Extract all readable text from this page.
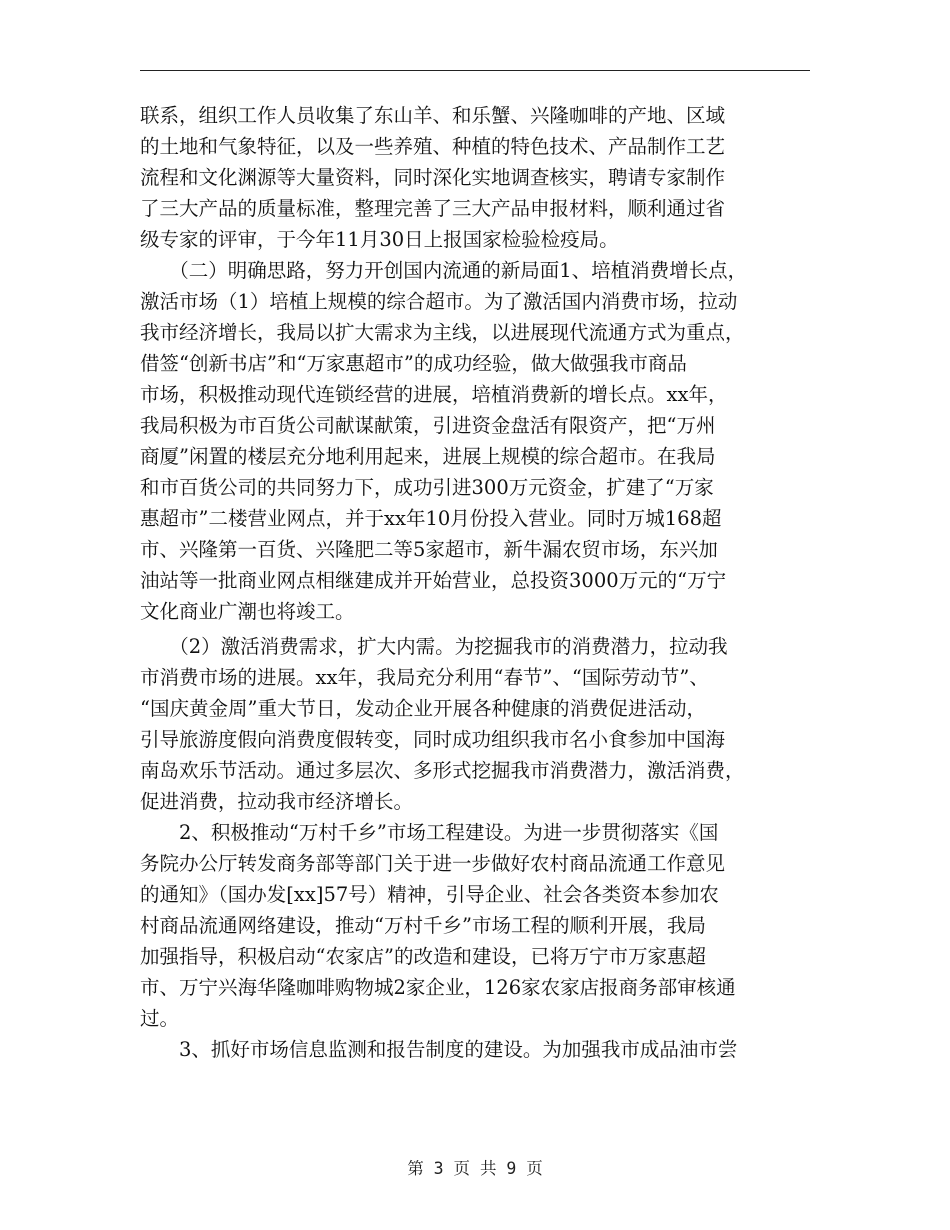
联系，组织工作人员收集了东山羊、和乐蟹、兴隆咖啡的产地、区域
的土地和气象特征，以及一些养殖、种植的特色技术、产品制作工艺
流程和文化渊源等大量资料，同时深化实地调查核实，聘请专家制作
了三大产品的质量标准，整理完善了三大产品申报材料，顺利通过省
级专家的评审，于今年11月30日上报国家检验检疫局。
　　（二）明确思路，努力开创国内流通的新局面1、培植消费增长点，
激活市场（1）培植上规模的综合超市。为了激活国内消费市场，拉动
我市经济增长，我局以扩大需求为主线，以进展现代流通方式为重点，
借签“创新书店”和“万家惠超市”的成功经验，做大做强我市商品
市场，积极推动现代连锁经营的进展，培植消费新的增长点。xx年，
我局积极为市百货公司献谋献策，引进资金盘活有限资产，把“万州
商厦”闲置的楼层充分地利用起来，进展上规模的综合超市。在我局
和市百货公司的共同努力下，成功引进300万元资金，扩建了“万家
惠超市”二楼营业网点，并于xx年10月份投入营业。同时万城168超
市、兴隆第一百货、兴隆肥二等5家超市，新牛漏农贸市场，东兴加
油站等一批商业网点相继建成并开始营业，总投资3000万元的“万宁
文化商业广潮也将竣工。
　　（2）激活消费需求，扩大内需。为挖掘我市的消费潜力，拉动我
市消费市场的进展。xx年，我局充分利用“春节”、“国际劳动节”、
“国庆黄金周”重大节日，发动企业开展各种健康的消费促进活动，
引导旅游度假向消费度假转变，同时成功组织我市名小食参加中国海
南岛欢乐节活动。通过多层次、多形式挖掘我市消费潜力，激活消费，
促进消费，拉动我市经济增长。
　　2、积极推动“万村千乡”市场工程建设。为进一步贯彻落实《国
务院办公厅转发商务部等部门关于进一步做好农村商品流通工作意见
的通知》（国办发[xx]57号）精神，引导企业、社会各类资本参加农
村商品流通网络建设，推动“万村千乡”市场工程的顺利开展，我局
加强指导，积极启动“农家店”的改造和建设，已将万宁市万家惠超
市、万宁兴海华隆咖啡购物城2家企业，126家农家店报商务部审核通
过。
　　3、抓好市场信息监测和报告制度的建设。为加强我市成品油市尝
第 3 页 共 9 页
